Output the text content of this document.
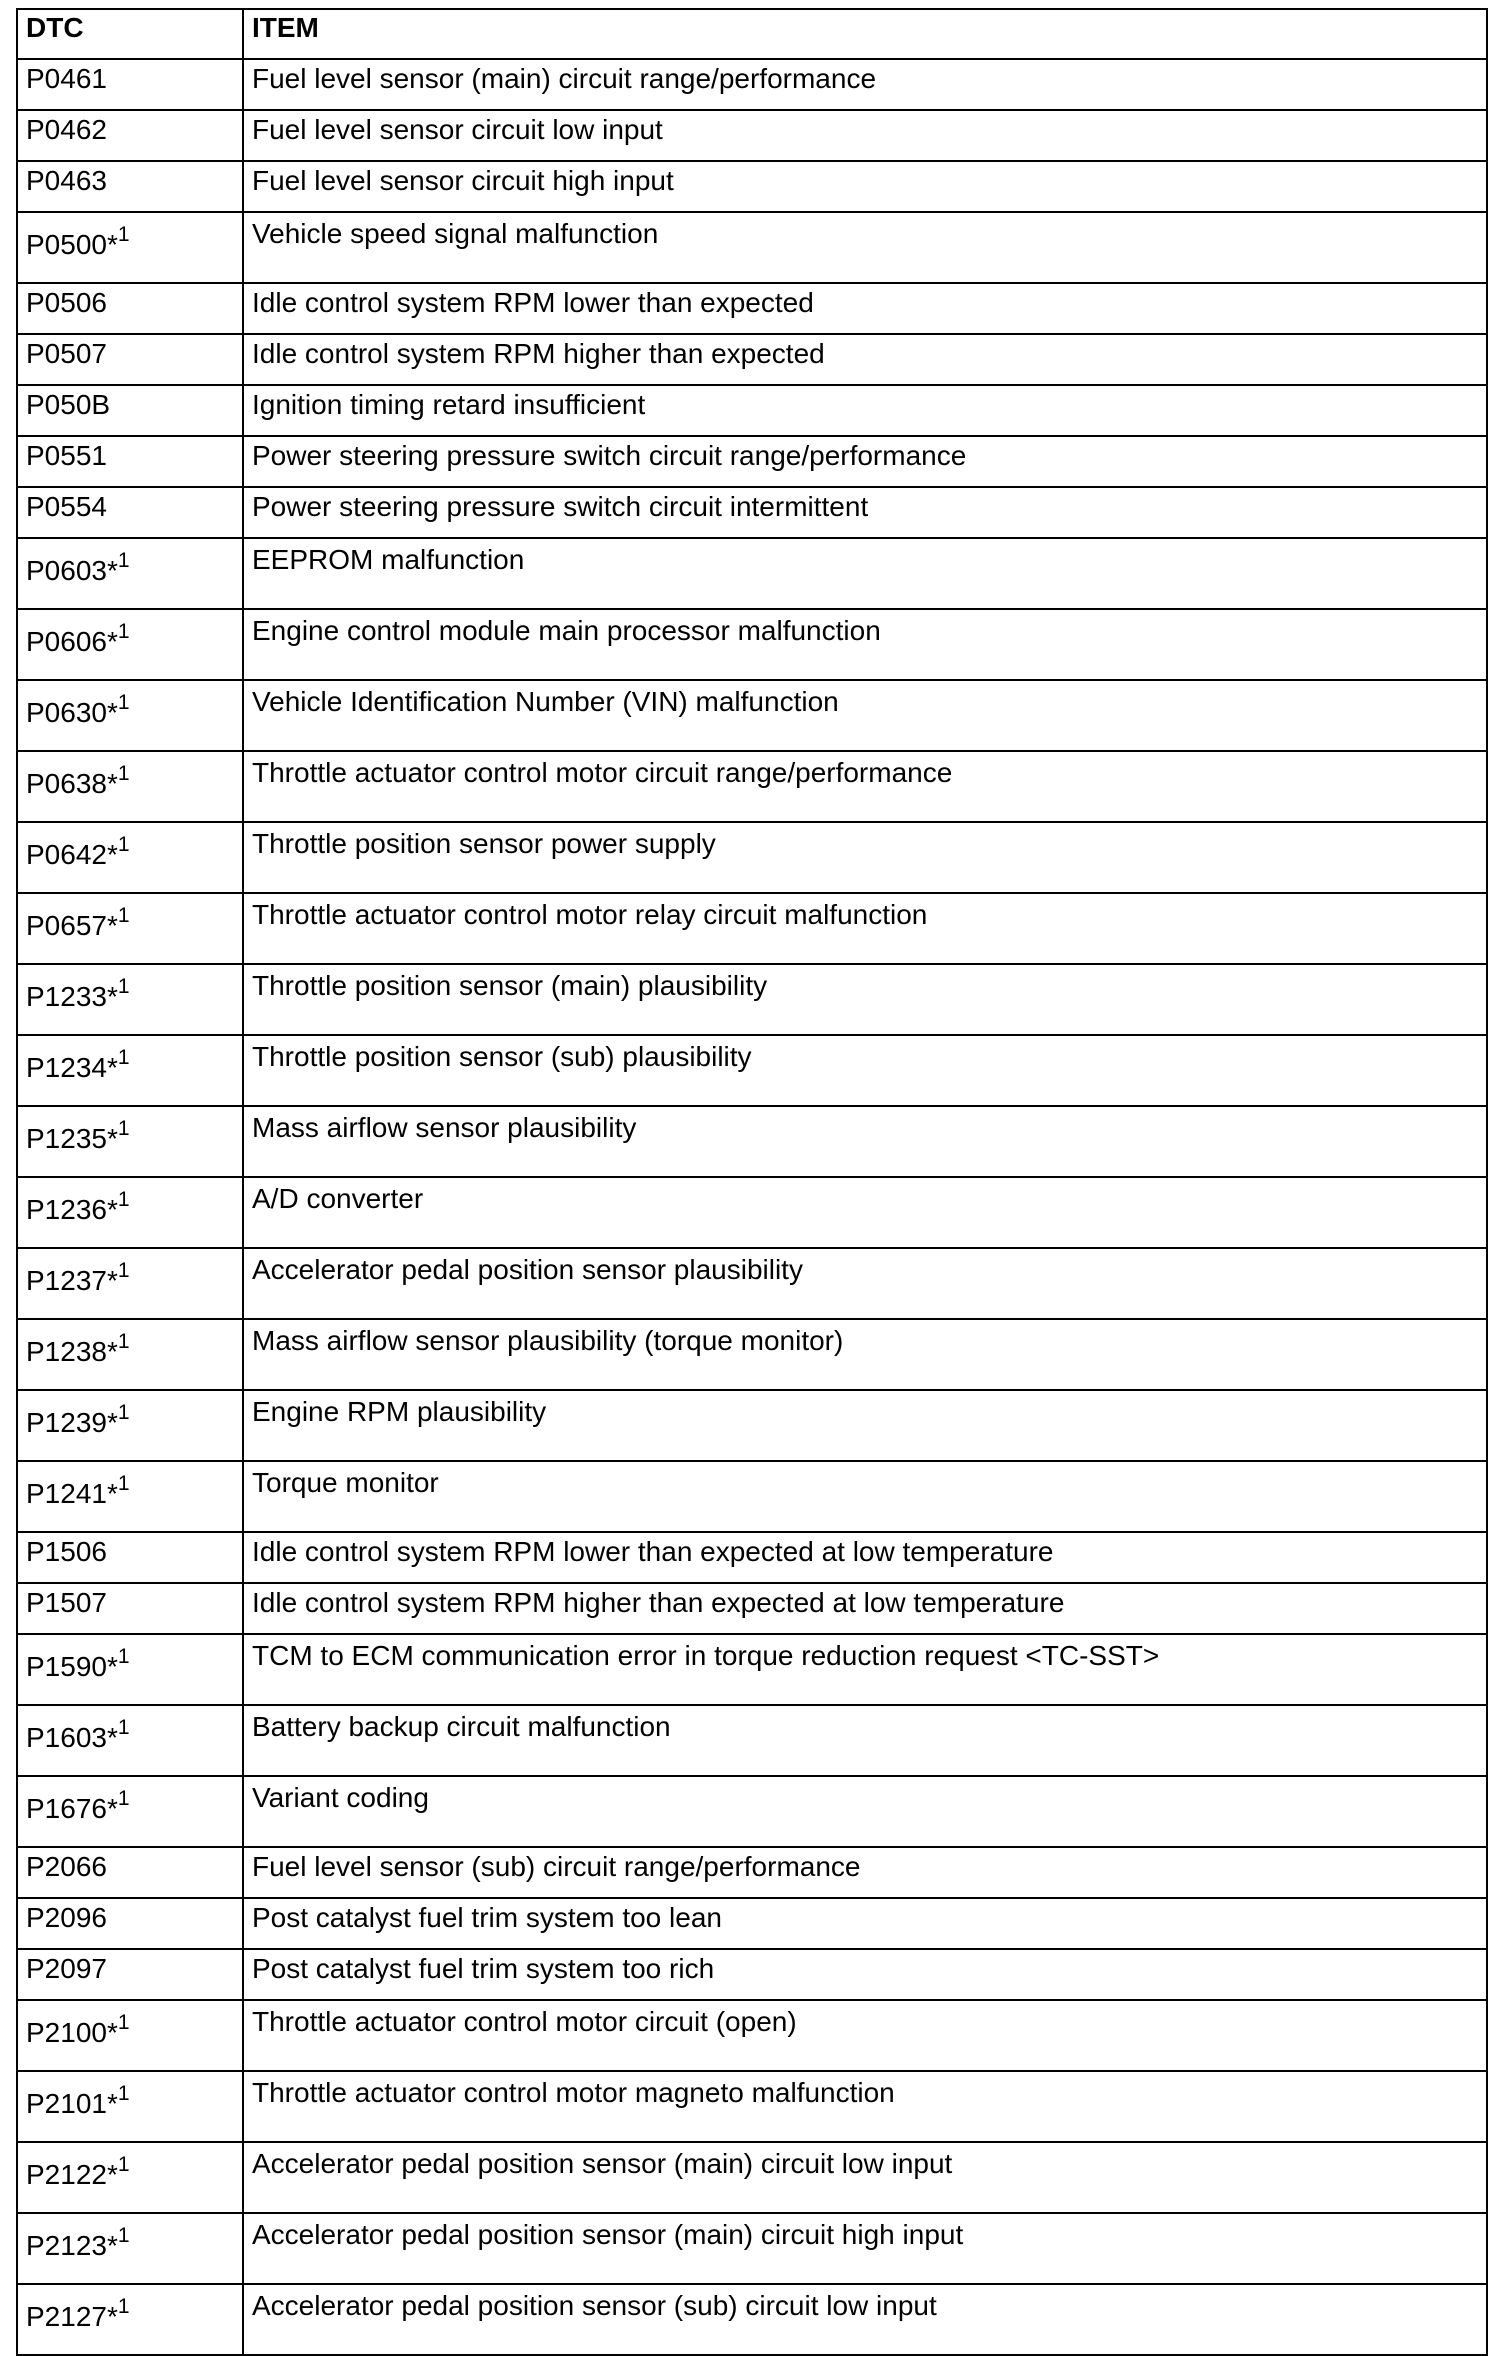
DTC	ITEM
P0461	Fuel level sensor (main) circuit range/performance
P0462	Fuel level sensor circuit low input
P0463	Fuel level sensor circuit high input
P0500*$^1$	Vehicle speed signal malfunction
P0506	Idle control system RPM lower than expected
P0507	Idle control system RPM higher than expected
P050B	Ignition timing retard insufficient
P0551	Power steering pressure switch circuit range/performance
P0554	Power steering pressure switch circuit intermittent
P0603*$^1$	EEPROM malfunction
P0606*$^1$	Engine control module main processor malfunction
P0630*$^1$	Vehicle Identification Number (VIN) malfunction
P0638*$^1$	Throttle actuator control motor circuit range/performance
P0642*$^1$	Throttle position sensor power supply
P0657*$^1$	Throttle actuator control motor relay circuit malfunction
P1233*$^1$	Throttle position sensor (main) plausibility
P1234*$^1$	Throttle position sensor (sub) plausibility
P1235*$^1$	Mass airflow sensor plausibility
P1236*$^1$	A/D converter
P1237*$^1$	Accelerator pedal position sensor plausibility
P1238*$^1$	Mass airflow sensor plausibility (torque monitor)
P1239*$^1$	Engine RPM plausibility
P1241*$^1$	Torque monitor
P1506	Idle control system RPM lower than expected at low temperature
P1507	Idle control system RPM higher than expected at low temperature
P1590*$^1$	TCM to ECM communication error in torque reduction request <TC-SST>
P1603*$^1$	Battery backup circuit malfunction
P1676*$^1$	Variant coding
P2066	Fuel level sensor (sub) circuit range/performance
P2096	Post catalyst fuel trim system too lean
P2097	Post catalyst fuel trim system too rich
P2100*$^1$	Throttle actuator control motor circuit (open)
P2101*$^1$	Throttle actuator control motor magneto malfunction
P2122*$^1$	Accelerator pedal position sensor (main) circuit low input
P2123*$^1$	Accelerator pedal position sensor (main) circuit high input
P2127*$^1$	Accelerator pedal position sensor (sub) circuit low input
